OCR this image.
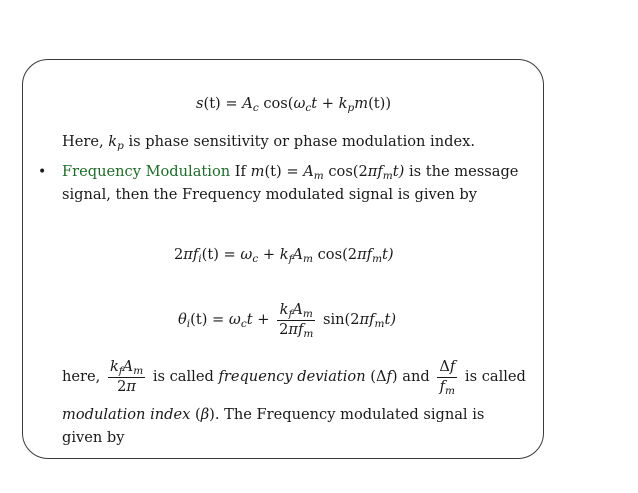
$s(t) = A_c$ $\cos(\omega_ct + k_pm(t))$
Here, $k_p$ is phase sensitivity or phase modulation index.
• Frequency Modulation If $m(t) = A_m$ $\cos(2\pi f_mt)$ is the message
signal, then the Frequency modulated signal is given by
$2\pi f_i(t) = \omega_c + k_fA_m$ $\cos(2\pi f_mt)$
$\theta_i(t) = \omega_ct + \frac{k_fA_m}{2\pi f_m} \sin(2\pi f_mt)$
here, $\frac{k_fA_m}{2\pi}$ is called frequency deviation (Δf) and $\frac{\Delta f}{f_m}$ is called
modulation index (β). The Frequency modulated signal is
given by
